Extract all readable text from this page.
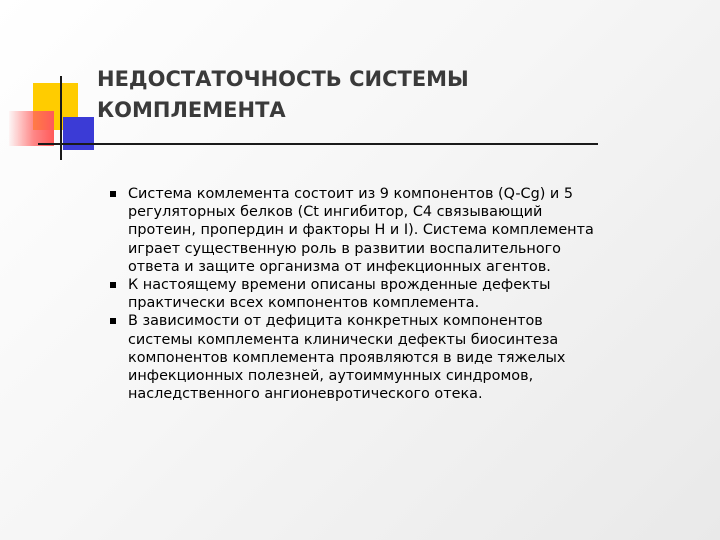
НЕДОСТАТОЧНОСТЬ СИСТЕМЫ
КОМПЛЕМЕНТА
Система комлемента состоит из 9 компонентов (Q-Cg) и 5
регуляторных белков (Ct ингибитор, С4 связывающий
протеин, пропердин и факторы Н и I). Система комплемента
играет существенную роль в развитии воспалительного
ответа и защите организма от инфекционных агентов.
К настоящему времени описаны врожденные дефекты
практически всех компонентов комплемента.
В зависимости от дефицита конкретных компонентов
системы комплемента клинически дефекты биосинтеза
компонентов комплемента проявляются в виде тяжелых
инфекционных полезней, аутоиммунных синдромов,
наследственного ангионевротического отека.
